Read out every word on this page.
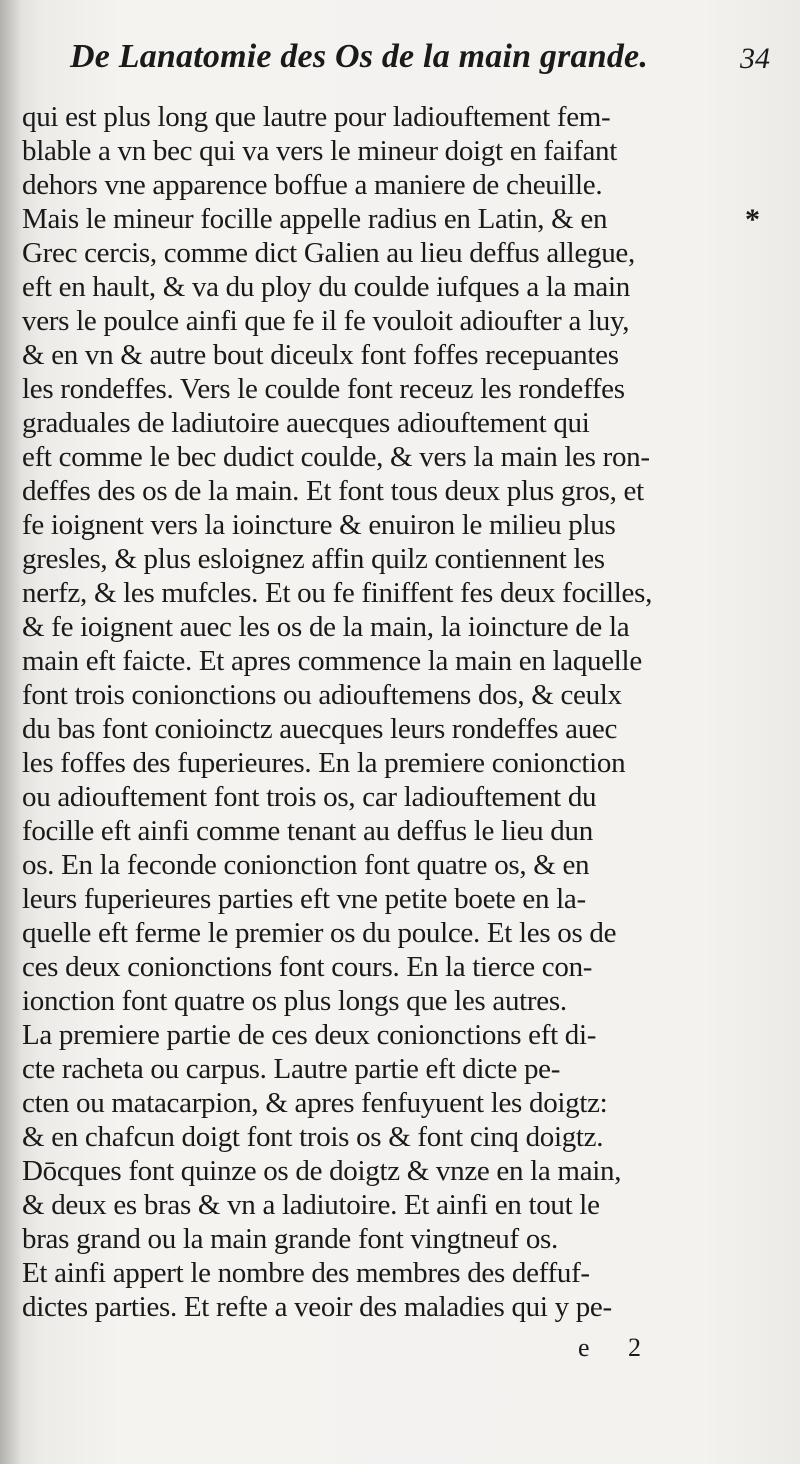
De Lanatomie des Os de la main grande.	34
*
qui est plus long que lautre pour ladiouftement fem-
blable a vn bec qui va vers le mineur doigt en faifant
dehors vne apparence boffue a maniere de cheuille.
Mais le mineur focille appelle radius en Latin, & en
Grec cercis, comme dict Galien au lieu deffus allegue,
eft en hault, & va du ploy du coulde iufques a la main
vers le poulce ainfi que fe il fe vouloit adioufter a luy,
& en vn & autre bout diceulx font foffes recepuantes
les rondeffes. Vers le coulde font receuz les rondeffes
graduales de ladiutoire auecques adiouftement qui
eft comme le bec dudict coulde, & vers la main les ron-
deffes des os de la main. Et font tous deux plus gros, et
fe ioignent vers la ioincture & enuiron le milieu plus
gresles, & plus esloignez affin quilz contiennent les
nerfz, & les mufcles. Et ou fe finiffent fes deux focilles,
& fe ioignent auec les os de la main, la ioincture de la
main eft faicte. Et apres commence la main en laquelle
font trois conionctions ou adiouftemens dos, & ceulx
du bas font conioinctz auecques leurs rondeffes auec
les foffes des fuperieures. En la premiere conionction
ou adiouftement font trois os, car ladiouftement du
focille eft ainfi comme tenant au deffus le lieu dun
os. En la feconde conionction font quatre os, & en
leurs fuperieures parties eft vne petite boete en la-
quelle eft ferme le premier os du poulce. Et les os de
ces deux conionctions font cours. En la tierce con-
ionction font quatre os plus longs que les autres.
La premiere partie de ces deux conionctions eft di-
cte racheta ou carpus. Lautre partie eft dicte pe-
cten ou matacarpion, & apres fenfuyuent les doigtz:
& en chafcun doigt font trois os & font cinq doigtz.
Dōcques font quinze os de doigtz & vnze en la main,
& deux es bras & vn a ladiutoire. Et ainfi en tout le
bras grand ou la main grande font vingtneuf os.
Et ainfi appert le nombre des membres des deffuf-
dictes parties. Et refte a veoir des maladies qui y pe-
e 2
